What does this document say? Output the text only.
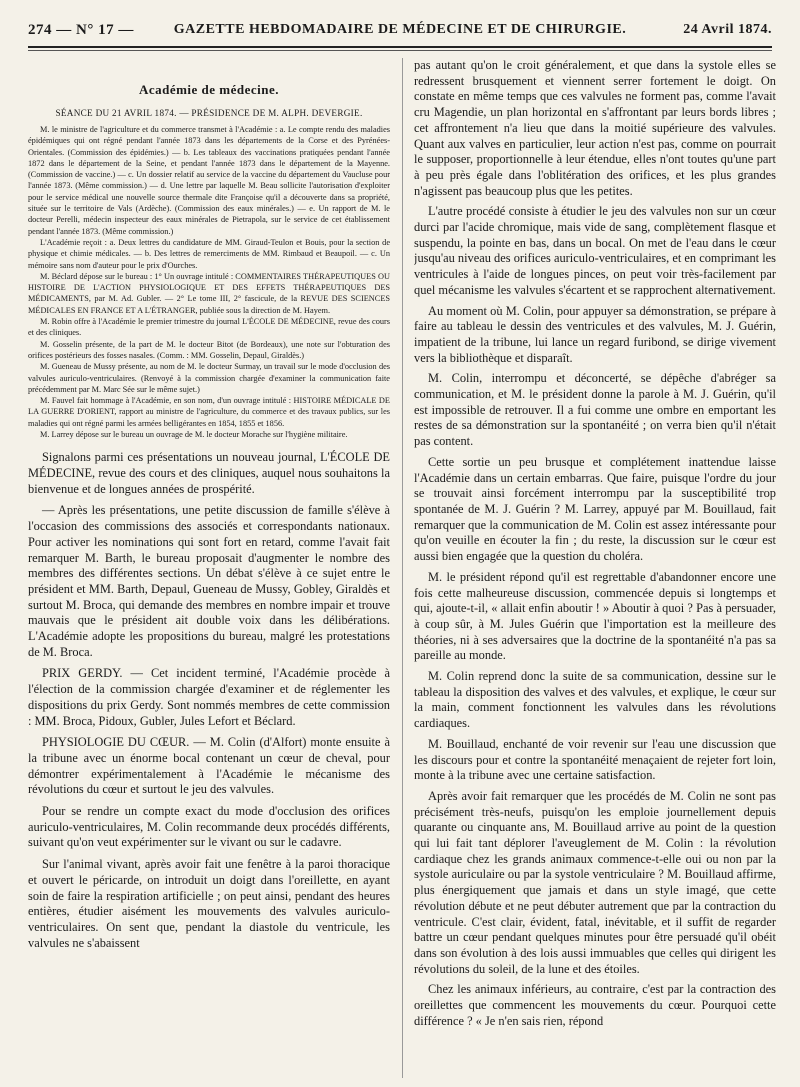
274 — N° 17 —	GAZETTE HEBDOMADAIRE DE MÉDECINE ET DE CHIRURGIE.	24 Avril 1874.
Académie de médecine.
SÉANCE DU 21 AVRIL 1874. — PRÉSIDENCE DE M. ALPH. DEVERGIE.

M. le ministre de l'agriculture et du commerce transmet à l'Académie : a. Le compte rendu des maladies épidémiques qui ont régné pendant l'année 1873 dans les départements de la Corse et des Pyrénées-Orientales. (Commission des épidémies.) — b. Les tableaux des vaccinations pratiquées pendant l'année 1872 dans le département de la Seine, et pendant l'année 1873 dans le département de la Mayenne. (Commission de vaccine.) — c. Un dossier relatif au service de la vaccine du département du Vaucluse pour l'année 1873. (Même commission.) — d. Une lettre par laquelle M. Beau sollicite l'autorisation d'exploiter pour le service médical une nouvelle source thermale dite Françoise qu'il a découverte dans sa propriété, située sur le territoire de Vals (Ardèche). (Commission des eaux minérales.) — e. Un rapport de M. le docteur Perelli, médecin inspecteur des eaux minérales de Pietrapola, sur le service de cet établissement pendant l'année 1873. (Même commission.)

L'Académie reçoit : a. Deux lettres du candidature de MM. Giraud-Teulon et Bouis, pour la section de physique et chimie médicales. — b. Des lettres de remerciments de MM. Rimbaud et Beaupoil. — c. Un mémoire sans nom d'auteur pour le prix d'Ourches.

M. Béclard dépose sur le bureau : 1° Un ouvrage intitulé : COMMENTAIRES THÉRAPEUTIQUES OU HISTOIRE DE L'ACTION PHYSIOLOGIQUE ET DES EFFETS THÉRAPEUTIQUES DES MÉDICAMENTS, par M. Ad. Gubler. — 2° Le tome III, 2° fascicule, de la REVUE DES SCIENCES MÉDICALES EN FRANCE ET A L'ÉTRANGER, publiée sous la direction de M. Hayem.

M. Robin offre à l'Académie le premier trimestre du journal L'ÉCOLE DE MÉDECINE, revue des cours et des cliniques.

M. Gosselin présente, de la part de M. le docteur Bitot (de Bordeaux), une note sur l'obturation des orifices postérieurs des fosses nasales. (Comm. : MM. Gosselin, Depaul, Giraldès.)

M. Gueneau de Mussy présente, au nom de M. le docteur Surmay, un travail sur le mode d'occlusion des valvules auriculo-ventriculaires. (Renvoyé à la commission chargée d'examiner la communication faite précédemment par M. Marc Sée sur le même sujet.)

M. Fauvel fait hommage à l'Académie, en son nom, d'un ouvrage intitulé : HISTOIRE MÉDICALE DE LA GUERRE D'ORIENT, rapport au ministre de l'agriculture, du commerce et des travaux publics, sur les maladies qui ont régné parmi les armées belligérantes en 1854, 1855 et 1856.

M. Larrey dépose sur le bureau un ouvrage de M. le docteur Morache sur l'hygiène militaire.

Signalons parmi ces présentations un nouveau journal, L'ÉCOLE DE MÉDECINE, revue des cours et des cliniques, auquel nous souhaitons la bienvenue et de longues années de prospérité.

— Après les présentations, une petite discussion de famille s'élève à l'occasion des commissions des associés et correspondants nationaux. Pour activer les nominations qui sont fort en retard, comme l'avait fait remarquer M. Barth, le bureau proposait d'augmenter le nombre des membres des différentes sections. Un débat s'élève à ce sujet entre le président et MM. Barth, Depaul, Gueneau de Mussy, Gobley, Giraldès et surtout M. Broca, qui demande des membres en nombre impair et trouve mauvais que le président ait double voix dans les délibérations. L'Académie adopte les propositions du bureau, malgré les protestations de M. Broca.

PRIX GERDY. — Cet incident terminé, l'Académie procède à l'élection de la commission chargée d'examiner et de réglementer les dispositions du prix Gerdy. Sont nommés membres de cette commission : MM. Broca, Pidoux, Gubler, Jules Lefort et Béclard.

PHYSIOLOGIE DU CŒUR. — M. Colin (d'Alfort) monte ensuite à la tribune avec un énorme bocal contenant un cœur de cheval, pour démontrer expérimentalement à l'Académie le mécanisme des révolutions du cœur et surtout le jeu des valvules.

Pour se rendre un compte exact du mode d'occlusion des orifices auriculo-ventriculaires, M. Colin recommande deux procédés différents, suivant qu'on veut expérimenter sur le vivant ou sur le cadavre.

Sur l'animal vivant, après avoir fait une fenêtre à la paroi thoracique et ouvert le péricarde, on introduit un doigt dans l'oreillette, en ayant soin de faire la respiration artificielle ; on peut ainsi, pendant des heures entières, étudier aisément les mouvements des valvules auriculo-ventriculaires. On sent que, pendant la diastole du ventricule, les valvules ne s'abaissent

pas autant qu'on le croit généralement, et que dans la systole elles se redressent brusquement et viennent serrer fortement le doigt. On constate en même temps que ces valvules ne forment pas, comme l'avait cru Magendie, un plan horizontal en s'affrontant par leurs bords libres ; cet affrontement n'a lieu que dans la moitié supérieure des valvules. Quant aux valves en particulier, leur action n'est pas, comme on pourrait le supposer, proportionnelle à leur étendue, elles n'ont toutes qu'une part à peu près égale dans l'oblitération des orifices, et les plus grandes n'agissent pas beaucoup plus que les petites.

L'autre procédé consiste à étudier le jeu des valvules non sur un cœur durci par l'acide chromique, mais vide de sang, complètement flasque et suspendu, la pointe en bas, dans un bocal. On met de l'eau dans le cœur jusqu'au niveau des orifices auriculo-ventriculaires, et en comprimant les ventricules à l'aide de longues pinces, on peut voir très-facilement par quel mécanisme les valvules s'écartent et se rapprochent alternativement.

Au moment où M. Colin, pour appuyer sa démonstration, se prépare à faire au tableau le dessin des ventricules et des valvules, M. J. Guérin, impatient de la tribune, lui lance un regard furibond, se dirige vivement vers la bibliothèque et disparaît.

M. Colin, interrompu et déconcerté, se dépêche d'abréger sa communication, et M. le président donne la parole à M. J. Guérin, qu'il est impossible de retrouver. Il a fui comme une ombre en emportant les restes de sa démonstration sur la spontanéité ; on verra bien qu'il n'était pas content.

Cette sortie un peu brusque et complétement inattendue laisse l'Académie dans un certain embarras. Que faire, puisque l'ordre du jour se trouvait ainsi forcément interrompu par la susceptibilité trop spontanée de M. J. Guérin ? M. Larrey, appuyé par M. Bouillaud, fait remarquer que la communication de M. Colin est assez intéressante pour qu'on veuille en écouter la fin ; du reste, la discussion sur le cœur est aussi bien engagée que la question du choléra.

M. le président répond qu'il est regrettable d'abandonner encore une fois cette malheureuse discussion, commencée depuis si longtemps et qui, ajoute-t-il, « allait enfin aboutir ! » Aboutir à quoi ? Pas à persuader, à coup sûr, à M. Jules Guérin que l'importation est la meilleure des théories, ni à ses adversaires que la doctrine de la spontanéité n'a pas sa pareille au monde.

M. Colin reprend donc la suite de sa communication, dessine sur le tableau la disposition des valves et des valvules, et explique, le cœur sur la main, comment fonctionnent les valvules dans les révolutions cardiaques.

M. Bouillaud, enchanté de voir revenir sur l'eau une discussion que les discours pour et contre la spontanéité menaçaient de rejeter fort loin, monte à la tribune avec une certaine satisfaction.

Après avoir fait remarquer que les procédés de M. Colin ne sont pas précisément très-neufs, puisqu'on les emploie journellement depuis quarante ou cinquante ans, M. Bouillaud arrive au point de la question qui lui fait tant déplorer l'aveuglement de M. Colin : la révolution cardiaque chez les grands animaux commence-t-elle oui ou non par la systole auriculaire ou par la systole ventriculaire ? M. Bouillaud affirme, plus énergiquement que jamais et dans un style imagé, que cette révolution débute et ne peut débuter autrement que par la contraction du ventricule. C'est clair, évident, fatal, inévitable, et il suffit de regarder battre un cœur pendant quelques minutes pour être persuadé qu'il obéit dans son évolution à des lois aussi immuables que celles qui dirigent les révolutions du soleil, de la lune et des étoiles.

Chez les animaux inférieurs, au contraire, c'est par la contraction des oreillettes que commencent les mouvements du cœur. Pourquoi cette différence ? « Je n'en sais rien, répond
